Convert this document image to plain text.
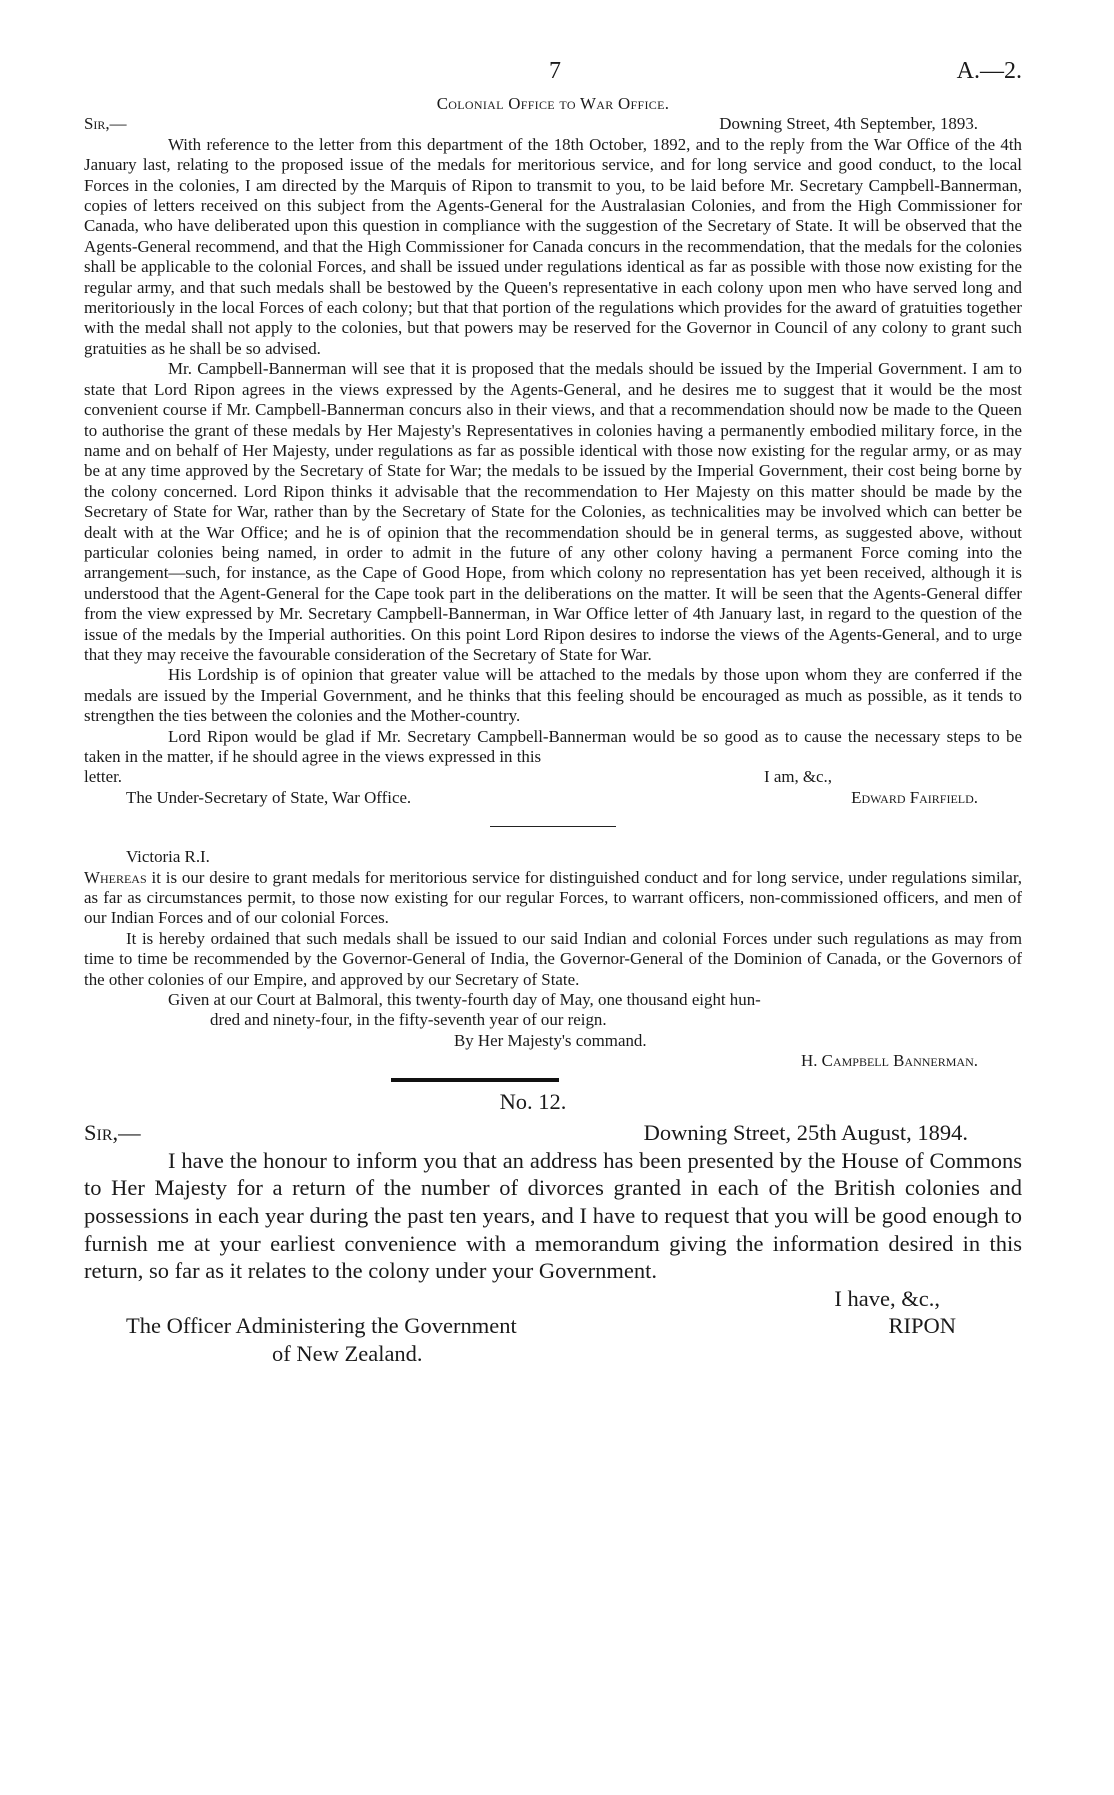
7	A.—2.
Colonial Office to War Office.
Sir,—	Downing Street, 4th September, 1893.

With reference to the letter from this department of the 18th October, 1892, and to the reply from the War Office of the 4th January last, relating to the proposed issue of the medals for meritorious service, and for long service and good conduct, to the local Forces in the colonies, I am directed by the Marquis of Ripon to transmit to you, to be laid before Mr. Secretary Campbell-Bannerman, copies of letters received on this subject from the Agents-General for the Australasian Colonies, and from the High Commissioner for Canada, who have deliberated upon this question in compliance with the suggestion of the Secretary of State. It will be observed that the Agents-General recommend, and that the High Commissioner for Canada concurs in the recommendation, that the medals for the colonies shall be applicable to the colonial Forces, and shall be issued under regulations identical as far as possible with those now existing for the regular army, and that such medals shall be bestowed by the Queen's representative in each colony upon men who have served long and meritoriously in the local Forces of each colony; but that that portion of the regulations which provides for the award of gratuities together with the medal shall not apply to the colonies, but that powers may be reserved for the Governor in Council of any colony to grant such gratuities as he shall be so advised.

Mr. Campbell-Bannerman will see that it is proposed that the medals should be issued by the Imperial Government. I am to state that Lord Ripon agrees in the views expressed by the Agents-General, and he desires me to suggest that it would be the most convenient course if Mr. Campbell-Bannerman concurs also in their views, and that a recommendation should now be made to the Queen to authorise the grant of these medals by Her Majesty's Representatives in colonies having a permanently embodied military force, in the name and on behalf of Her Majesty, under regulations as far as possible identical with those now existing for the regular army, or as may be at any time approved by the Secretary of State for War; the medals to be issued by the Imperial Government, their cost being borne by the colony concerned. Lord Ripon thinks it advisable that the recommendation to Her Majesty on this matter should be made by the Secretary of State for War, rather than by the Secretary of State for the Colonies, as technicalities may be involved which can better be dealt with at the War Office; and he is of opinion that the recommendation should be in general terms, as suggested above, without particular colonies being named, in order to admit in the future of any other colony having a permanent Force coming into the arrangement—such, for instance, as the Cape of Good Hope, from which colony no representation has yet been received, although it is understood that the Agent-General for the Cape took part in the deliberations on the matter. It will be seen that the Agents-General differ from the view expressed by Mr. Secretary Campbell-Bannerman, in War Office letter of 4th January last, in regard to the question of the issue of the medals by the Imperial authorities. On this point Lord Ripon desires to indorse the views of the Agents-General, and to urge that they may receive the favourable consideration of the Secretary of State for War.

His Lordship is of opinion that greater value will be attached to the medals by those upon whom they are conferred if the medals are issued by the Imperial Government, and he thinks that this feeling should be encouraged as much as possible, as it tends to strengthen the ties between the colonies and the Mother-country.

Lord Ripon would be glad if Mr. Secretary Campbell-Bannerman would be so good as to cause the necessary steps to be taken in the matter, if he should agree in the views expressed in this

letter.	I am, &c.,
The Under-Secretary of State, War Office.	Edward Fairfield.
Victoria R.I.

Whereas it is our desire to grant medals for meritorious service for distinguished conduct and for long service, under regulations similar, as far as circumstances permit, to those now existing for our regular Forces, to warrant officers, non-commissioned officers, and men of our Indian Forces and of our colonial Forces.

It is hereby ordained that such medals shall be issued to our said Indian and colonial Forces under such regulations as may from time to time be recommended by the Governor-General of India, the Governor-General of the Dominion of Canada, or the Governors of the other colonies of our Empire, and approved by our Secretary of State.

Given at our Court at Balmoral, this twenty-fourth day of May, one thousand eight hun-
dred and ninety-four, in the fifty-seventh year of our reign.
By Her Majesty's command.
H. Campbell Bannerman.
No. 12.
Sir,—	Downing Street, 25th August, 1894.

I have the honour to inform you that an address has been presented by the House of Commons to Her Majesty for a return of the number of divorces granted in each of the British colonies and possessions in each year during the past ten years, and I have to request that you will be good enough to furnish me at your earliest convenience with a memorandum giving the information desired in this return, so far as it relates to the colony under your Government.

I have, &c.,
The Officer Administering the Government	RIPON
of New Zealand.
